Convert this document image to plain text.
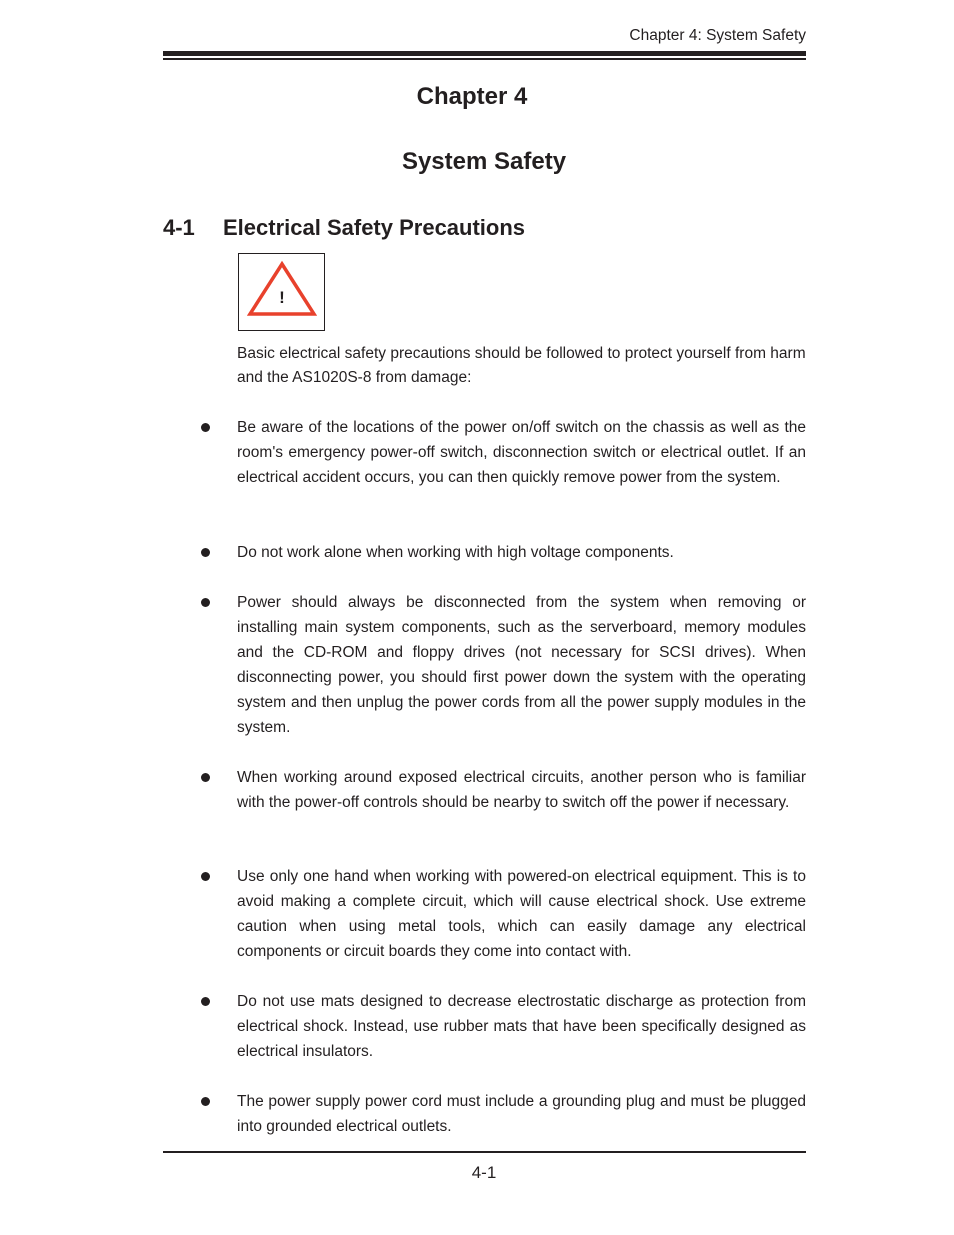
Chapter 4: System Safety
Chapter 4
System Safety
4-1	Electrical Safety Precautions
!

Basic electrical safety precautions should be followed to protect yourself from harm and the AS1020S-8 from damage:

Be aware of the locations of the power on/off switch on the chassis as well as the room's emergency power-off switch, disconnection switch or electrical outlet. If an electrical accident occurs, you can then quickly remove power from the system.
Do not work alone when working with high voltage components.
Power should always be disconnected from the system when removing or installing main system components, such as the serverboard, memory modules and the CD-ROM and floppy drives (not necessary for SCSI drives). When disconnecting power, you should first power down the system with the operating system and then unplug the power cords from all the power supply modules in the system.
When working around exposed electrical circuits, another person who is familiar with the power-off controls should be nearby to switch off the power if necessary.
Use only one hand when working with powered-on electrical equipment. This is to avoid making a complete circuit, which will cause electrical shock. Use extreme caution when using metal tools, which can easily damage any electrical components or circuit boards they come into contact with.
Do not use mats designed to decrease electrostatic discharge as protection from electrical shock. Instead, use rubber mats that have been specifically designed as electrical insulators.
The power supply power cord must include a grounding plug and must be plugged into grounded electrical outlets.
4-1
